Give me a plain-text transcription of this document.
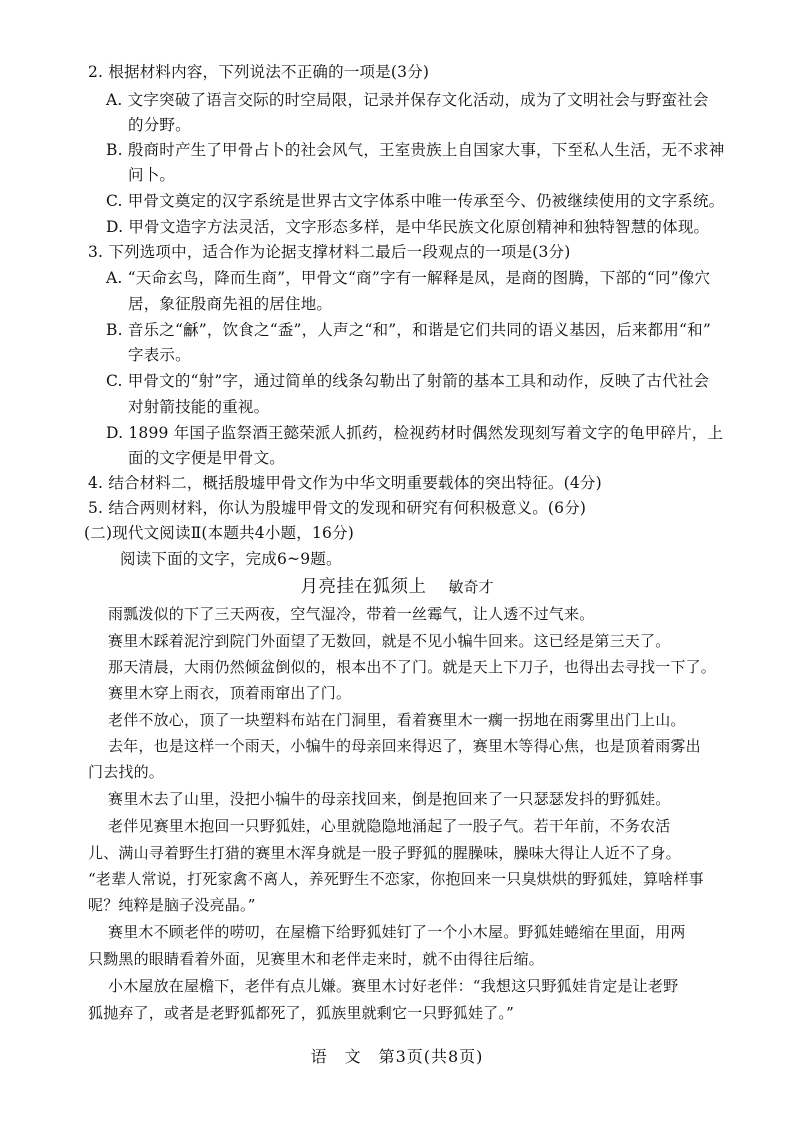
2. 根据材料内容，下列说法不正确的一项是(3分)
A. 文字突破了语言交际的时空局限，记录并保存文化活动，成为了文明社会与野蛮社会
的分野。
B. 殷商时产生了甲骨占卜的社会风气，王室贵族上自国家大事，下至私人生活，无不求神
问卜。
C. 甲骨文奠定的汉字系统是世界古文字体系中唯一传承至今、仍被继续使用的文字系统。
D. 甲骨文造字方法灵活，文字形态多样，是中华民族文化原创精神和独特智慧的体现。
3. 下列选项中，适合作为论据支撑材料二最后一段观点的一项是(3分)
A. “天命玄鸟，降而生商”，甲骨文“商”字有一解释是凤，是商的图腾，下部的“冋”像穴
居，象征殷商先祖的居住地。
B. 音乐之“龢”，饮食之“盉”，人声之“和”，和谐是它们共同的语义基因，后来都用“和”
字表示。
C. 甲骨文的“射”字，通过简单的线条勾勒出了射箭的基本工具和动作，反映了古代社会
对射箭技能的重视。
D. 1899 年国子监祭酒王懿荣派人抓药，检视药材时偶然发现刻写着文字的龟甲碎片，上
面的文字便是甲骨文。
4. 结合材料二，概括殷墟甲骨文作为中华文明重要载体的突出特征。(4分)
5. 结合两则材料，你认为殷墟甲骨文的发现和研究有何积极意义。(6分)
(二)现代文阅读Ⅱ(本题共4小题，16分)
阅读下面的文字，完成6~9题。
月亮挂在狐须上 敏奇才
雨瓢泼似的下了三天两夜，空气湿冷，带着一丝霉气，让人透不过气来。
赛里木踩着泥泞到院门外面望了无数回，就是不见小犏牛回来。这已经是第三天了。
那天清晨，大雨仍然倾盆倒似的，根本出不了门。就是天上下刀子，也得出去寻找一下了。
赛里木穿上雨衣，顶着雨窜出了门。
老伴不放心，顶了一块塑料布站在门洞里，看着赛里木一瘸一拐地在雨雾里出门上山。
去年，也是这样一个雨天，小犏牛的母亲回来得迟了，赛里木等得心焦，也是顶着雨雾出
门去找的。
赛里木去了山里，没把小犏牛的母亲找回来，倒是抱回来了一只瑟瑟发抖的野狐娃。
老伴见赛里木抱回一只野狐娃，心里就隐隐地涌起了一股子气。若干年前，不务农活
儿、满山寻着野生打猎的赛里木浑身就是一股子野狐的腥臊味，臊味大得让人近不了身。
“老辈人常说，打死家禽不离人，养死野生不恋家，你抱回来一只臭烘烘的野狐娃，算啥样事
呢？纯粹是脑子没亮晶。”
赛里木不顾老伴的唠叨，在屋檐下给野狐娃钉了一个小木屋。野狐娃蜷缩在里面，用两
只黝黑的眼睛看着外面，见赛里木和老伴走来时，就不由得往后缩。
小木屋放在屋檐下，老伴有点儿嫌。赛里木讨好老伴：“我想这只野狐娃肯定是让老野
狐抛弃了，或者是老野狐都死了，狐族里就剩它一只野狐娃了。”
语　文　第3页(共8页)
